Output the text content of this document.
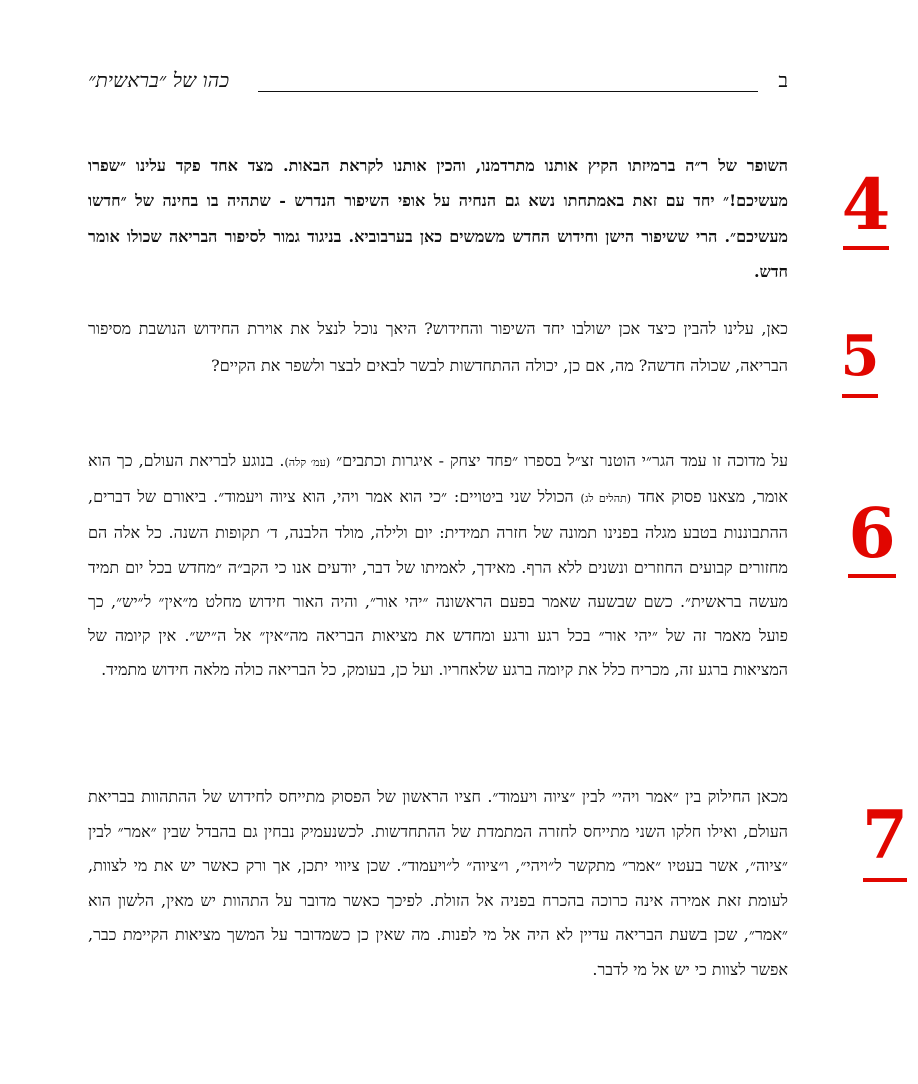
ב
כהו של ״בראשית״

השופר של ר״ה ברמיזתו הקיץ אותנו מתרדמנו, והכין אותנו לקראת הבאות. מצד אחד פקד עלינו ״שפרו מעשיכם!״ יחד עם זאת באמתחתו נשא גם הנחיה על אופי השיפור הנדרש - שתהיה בו בחינה של ״חדשו מעשיכם״. הרי ששיפור הישן וחידוש החדש משמשים כאן בערבוביא. בניגוד גמור לסיפור הבריאה שכולו אומר חדש.

כאן, עלינו להבין כיצד אכן ישולבו יחד השיפור והחידוש? היאך נוכל לנצל את אוירת החידוש הנושבת מסיפור הבריאה, שכולה חדשה? מה, אם כן, יכולה ההתחדשות לבשר לבאים לבצר ולשפר את הקיים?

על מדוכה זו עמד הגר״י הוטנר זצ״ל בספרו ״פחד יצחק - איגרות וכתבים״ (עמ׳ קלה). בנוגע לבריאת העולם, כך הוא אומר, מצאנו פסוק אחד (תהלים לג) הכולל שני ביטויים: ״כי הוא אמר ויהי, הוא ציוה ויעמוד״. ביאורם של דברים, ההתבוננות בטבע מגלה בפנינו תמונה של חזרה תמידית: יום ולילה, מולד הלבנה, ד׳ תקופות השנה. כל אלה הם מחזורים קבועים החוזרים ונשנים ללא הרף. מאידך, לאמיתו של דבר, יודעים אנו כי הקב״ה ״מחדש בכל יום תמיד מעשה בראשית״. כשם שבשעה שאמר בפעם הראשונה ״יהי אור״, והיה האור חידוש מחלט מ״אין״ ל״יש״, כך פועל מאמר זה של ״יהי אור״ בכל רגע ורגע ומחדש את מציאות הבריאה מה״אין״ אל ה״יש״. אין קיומה של המציאות ברגע זה, מכריח כלל את קיומה ברגע שלאחריו. ועל כן, בעומק, כל הבריאה כולה מלאה חידוש מתמיד.

מכאן החילוק בין ״אמר ויהי״ לבין ״ציוה ויעמוד״. חציו הראשון של הפסוק מתייחס לחידוש של ההתהוות בבריאת העולם, ואילו חלקו השני מתייחס לחזרה המתמדת של ההתחדשות. לכשנעמיק נבחין גם בהבדל שבין ״אמר״ לבין ״ציוה״, אשר בעטיו ״אמר״ מתקשר ל״ויהי״, ו״ציוה״ ל״ויעמוד״. שכן ציווי יתכן, אך ורק כאשר יש את מי לצוות, לעומת זאת אמירה אינה כרוכה בהכרח בפניה אל הזולת. לפיכך כאשר מדובר על התהוות יש מאין, הלשון הוא ״אמר״, שכן בשעת הבריאה עדיין לא היה אל מי לפנות. מה שאין כן כשמדובר על המשך מציאות הקיימת כבר, אפשר לצוות כי יש אל מי לדבר.

4
5
6
7
